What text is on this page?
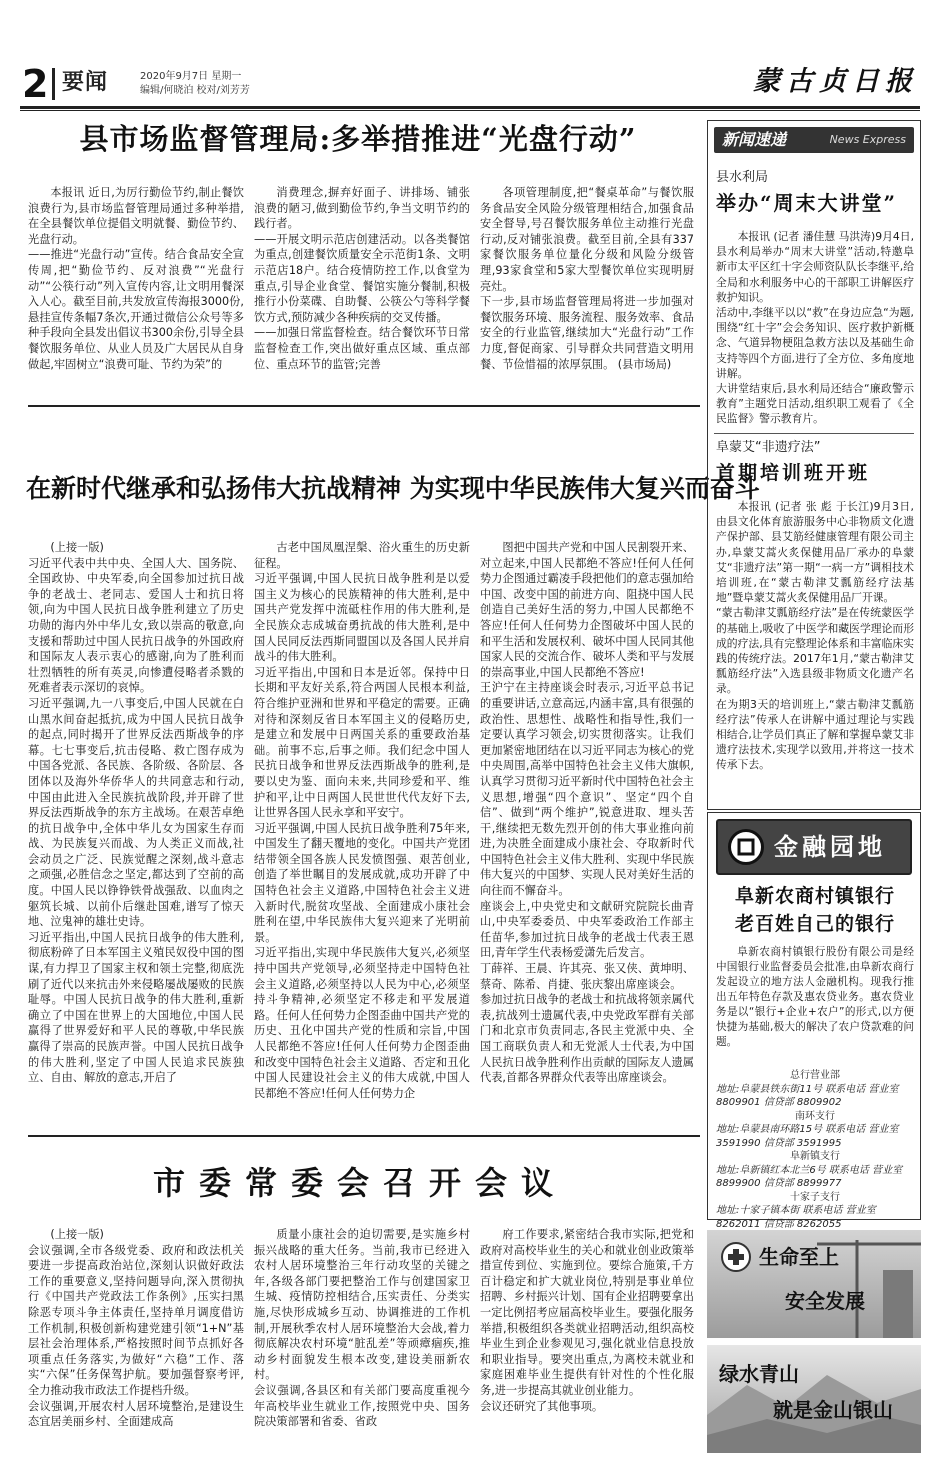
2 要闻	2020年9月7日 星期一
编辑/何晓泊 校对/刘芳芳	蒙古贞日报
县市场监督管理局:多举措推进“光盘行动”

本报讯 近日,为厉行勤俭节约,制止餐饮浪费行为,县市场监督管理局通过多种举措,在全县餐饮单位提倡文明就餐、勤俭节约、光盘行动。
——推进“光盘行动”宣传。结合食品安全宣传周,把“勤俭节约、反对浪费”“光盘行动”“公筷行动”列入宣传内容,让文明用餐深入人心。截至目前,共发放宣传海报3000份,悬挂宣传条幅7条次,开通过微信公众号等多种手段向全县发出倡议书300余份,引导全县餐饮服务单位、从业人员及广大居民从自身做起,牢固树立“浪费可耻、节约为荣”的

消费理念,摒弃好面子、讲排场、铺张浪费的陋习,做到勤俭节约,争当文明节约的践行者。
——开展文明示范店创建活动。以各类餐馆为重点,创建餐饮质量安全示范街1条、文明示范店18户。结合疫情防控工作,以食堂为重点,引导企业食堂、餐馆实施分餐制,积极推行小份菜碟、自助餐、公筷公勺等科学餐饮方式,预防减少各种疾病的交叉传播。
——加强日常监督检查。结合餐饮环节日常监督检查工作,突出做好重点区域、重点部位、重点环节的监管;完善

各项管理制度,把“餐桌革命”与餐饮服务食品安全风险分级管理相结合,加强食品安全督导,号召餐饮服务单位主动推行光盘行动,反对铺张浪费。截至目前,全县有337家餐饮服务单位量化分级和风险分级管理,93家食堂和5家大型餐饮单位实现明厨亮灶。
下一步,县市场监督管理局将进一步加强对餐饮服务环境、服务流程、服务效率、食品安全的行业监管,继续加大“光盘行动”工作力度,督促商家、引导群众共同营造文明用餐、节俭惜福的浓厚氛围。 (县市场局)

在新时代继承和弘扬伟大抗战精神 为实现中华民族伟大复兴而奋斗

(上接一版)
习近平代表中共中央、全国人大、国务院、全国政协、中央军委,向全国参加过抗日战争的老战士、老同志、爱国人士和抗日将领,向为中国人民抗日战争胜利建立了历史功勋的海内外中华儿女,致以崇高的敬意,向支援和帮助过中国人民抗日战争的外国政府和国际友人表示衷心的感谢,向为了胜利而壮烈牺牲的所有英灵,向惨遭侵略者杀戮的死难者表示深切的哀悼。
习近平强调,九一八事变后,中国人民就在白山黑水间奋起抵抗,成为中国人民抗日战争的起点,同时揭开了世界反法西斯战争的序幕。七七事变后,抗击侵略、救亡图存成为中国各党派、各民族、各阶级、各阶层、各团体以及海外华侨华人的共同意志和行动,中国由此进入全民族抗战阶段,并开辟了世界反法西斯战争的东方主战场。在艰苦卓绝的抗日战争中,全体中华儿女为国家生存而战、为民族复兴而战、为人类正义而战,社会动员之广泛、民族觉醒之深刻,战斗意志之顽强,必胜信念之坚定,都达到了空前的高度。中国人民以铮铮铁骨战强敌、以血肉之躯筑长城、以前仆后继赴国难,谱写了惊天地、泣鬼神的雄壮史诗。
习近平指出,中国人民抗日战争的伟大胜利,彻底粉碎了日本军国主义殖民奴役中国的图谋,有力捍卫了国家主权和领土完整,彻底洗刷了近代以来抗击外来侵略屡战屡败的民族耻辱。中国人民抗日战争的伟大胜利,重新确立了中国在世界上的大国地位,中国人民赢得了世界爱好和平人民的尊敬,中华民族赢得了崇高的民族声誉。中国人民抗日战争的伟大胜利,坚定了中国人民追求民族独立、自由、解放的意志,开启了

古老中国凤凰涅槃、浴火重生的历史新征程。
习近平强调,中国人民抗日战争胜利是以爱国主义为核心的民族精神的伟大胜利,是中国共产党发挥中流砥柱作用的伟大胜利,是全民族众志成城奋勇抗战的伟大胜利,是中国人民同反法西斯同盟国以及各国人民并肩战斗的伟大胜利。
习近平指出,中国和日本是近邻。保持中日长期和平友好关系,符合两国人民根本利益,符合维护亚洲和世界和平稳定的需要。正确对待和深刻反省日本军国主义的侵略历史,是建立和发展中日两国关系的重要政治基础。前事不忘,后事之师。我们纪念中国人民抗日战争和世界反法西斯战争的胜利,是要以史为鉴、面向未来,共同珍爱和平、维护和平,让中日两国人民世世代代友好下去,让世界各国人民永享和平安宁。
习近平强调,中国人民抗日战争胜利75年来,中国发生了翻天覆地的变化。中国共产党团结带领全国各族人民发愤图强、艰苦创业,创造了举世瞩目的发展成就,成功开辟了中国特色社会主义道路,中国特色社会主义进入新时代,脱贫攻坚战、全面建成小康社会胜利在望,中华民族伟大复兴迎来了光明前景。
习近平指出,实现中华民族伟大复兴,必须坚持中国共产党领导,必须坚持走中国特色社会主义道路,必须坚持以人民为中心,必须坚持斗争精神,必须坚定不移走和平发展道路。任何人任何势力企图歪曲中国共产党的历史、丑化中国共产党的性质和宗旨,中国人民都绝不答应!任何人任何势力企图歪曲和改变中国特色社会主义道路、否定和丑化中国人民建设社会主义的伟大成就,中国人民都绝不答应!任何人任何势力企

图把中国共产党和中国人民割裂开来、对立起来,中国人民都绝不答应!任何人任何势力企图通过霸凌手段把他们的意志强加给中国、改变中国的前进方向、阻挠中国人民创造自己美好生活的努力,中国人民都绝不答应!任何人任何势力企图破坏中国人民的和平生活和发展权利、破坏中国人民同其他国家人民的交流合作、破坏人类和平与发展的崇高事业,中国人民都绝不答应!
王沪宁在主持座谈会时表示,习近平总书记的重要讲话,立意高远,内涵丰富,具有很强的政治性、思想性、战略性和指导性,我们一定要认真学习领会,切实贯彻落实。让我们更加紧密地团结在以习近平同志为核心的党中央周围,高举中国特色社会主义伟大旗帜,认真学习贯彻习近平新时代中国特色社会主义思想,增强“四个意识”、坚定“四个自信”、做到“两个维护”,锐意进取、埋头苦干,继续把无数先烈开创的伟大事业推向前进,为决胜全面建成小康社会、夺取新时代中国特色社会主义伟大胜利、实现中华民族伟大复兴的中国梦、实现人民对美好生活的向往而不懈奋斗。
座谈会上,中央党史和文献研究院院长曲青山,中央军委委员、中央军委政治工作部主任苗华,参加过抗日战争的老战士代表王恩田,青年学生代表杨爱潇先后发言。
丁薛祥、王晨、许其亮、张又侠、黄坤明、蔡奇、陈希、肖捷、张庆黎出席座谈会。
参加过抗日战争的老战士和抗战将领亲属代表,抗战列士遗属代表,中央党政军群有关部门和北京市负责同志,各民主党派中央、全国工商联负责人和无党派人士代表,为中国人民抗日战争胜利作出贡献的国际友人遗属代表,首都各界群众代表等出席座谈会。

市委常委会召开会议

(上接一版)
会议强调,全市各级党委、政府和政法机关要进一步提高政治站位,深刻认识做好政法工作的重要意义,坚持问题导向,深入贯彻执行《中国共产党政法工作条例》,压实扫黑除恶专项斗争主体责任,坚持单月调度借访工作机制,积极创新构建党建引领“1+N”基层社会治理体系,严格按照时间节点抓好各项重点任务落实,为做好“六稳”工作、落实“六保”任务保驾护航。要加强督察考评,全力推动我市政法工作提档升级。
会议强调,开展农村人居环境整治,是建设生态宜居美丽乡村、全面建成高

质量小康社会的迫切需要,是实施乡村振兴战略的重大任务。当前,我市已经进入农村人居环境整治三年行动攻坚的关键之年,各级各部门要把整治工作与创建国家卫生城、疫情防控相结合,压实责任、分类实施,尽快形成城乡互动、协调推进的工作机制,开展秋季农村人居环境整治大会战,着力彻底解决农村环境“脏乱差”等顽瘴痼疾,推动乡村面貌发生根本改变,建设美丽新农村。
会议强调,各县区和有关部门要高度重视今年高校毕业生就业工作,按照党中央、国务院决策部署和省委、省政

府工作要求,紧密结合我市实际,把党和政府对高校毕业生的关心和就业创业政策举措宣传到位、实施到位。要综合施策,千方百计稳定和扩大就业岗位,特别是事业单位招聘、乡村振兴计划、国有企业招聘要拿出一定比例招考应届高校毕业生。要强化服务举措,积极组织各类就业招聘活动,组织高校毕业生到企业参观见习,强化就业信息投放和职业指导。要突出重点,为离校未就业和家庭困难毕业生提供有针对性的个性化服务,进一步提高其就业创业能力。
会议还研究了其他事项。

新闻速递	News Express
县水利局
举办“周末大讲堂”
本报讯 (记者 潘佳慧 马洪涛)9月4日,县水利局举办“周末大讲堂”活动,特邀阜新市太平区红十字会师资队队长李继平,给全局和水利服务中心的干部职工讲解医疗救护知识。
活动中,李继平以以“救”在身边应急“为题,围绕“红十字”会会务知识、医疗救护新概念、气道异物梗阻急救方法以及基础生命支持等四个方面,进行了全方位、多角度地讲解。
大讲堂结束后,县水利局还结合“廉政警示教育”主题党日活动,组织职工观看了《全民监督》警示教育片。
阜蒙艾“非遗疗法”
首期培训班开班
本报讯 (记者 张 彪 于长江)9月3日,由县文化体育旅游服务中心非物质文化遗产保护部、县艾筋经健康管理有限公司主办,阜蒙艾蒿火炙保健用品厂承办的阜蒙艾“非遗疗法”第一期“一病一方”调相技术培训班,在“蒙古勒津艾瓢筋经疗法基地”暨阜蒙艾蒿火炙保健用品厂开课。
“蒙古勒津艾瓢筋经疗法”是在传统蒙医学的基础上,吸收了中医学和藏医学理论而形成的疗法,具有完整理论体系和丰富临床实践的传统疗法。2017年1月,“蒙古勒津艾瓢筋经疗法”入选县级非物质文化遗产名录。
在为期3天的培训班上,“蒙古勒津艾瓢筋经疗法”传承人在讲解中通过理论与实践相结合,让学员们真正了解和掌握阜蒙艾非遗疗法技术,实现学以致用,并将这一技术传承下去。
金融园地
阜新农商村镇银行
老百姓自己的银行
阜新农商村镇银行股份有限公司是经中国银行业监督委员会批准,由阜新农商行发起设立的地方法人金融机构。现我行推出五年特色存款及惠农贷业务。惠农贷业务是以“银行+企业+农户”的形式,以方便快捷为基础,极大的解决了农户贷款难的问题。
总行营业部
地址:阜蒙县铁东街11号 联系电话 营业室8809901 信贷部 8809902
南环支行
地址:阜蒙县南环路15号 联系电话 营业室 3591990 信贷部 3591995
阜新镇支行
地址:阜新镇红本北兰6号 联系电话 营业室 8899900 信贷部 8899977
十家子支行
地址:十家子镇本街 联系电话 营业室 8262011 信贷部 8262055
生命至上
安全发展
绿水青山
就是金山银山
